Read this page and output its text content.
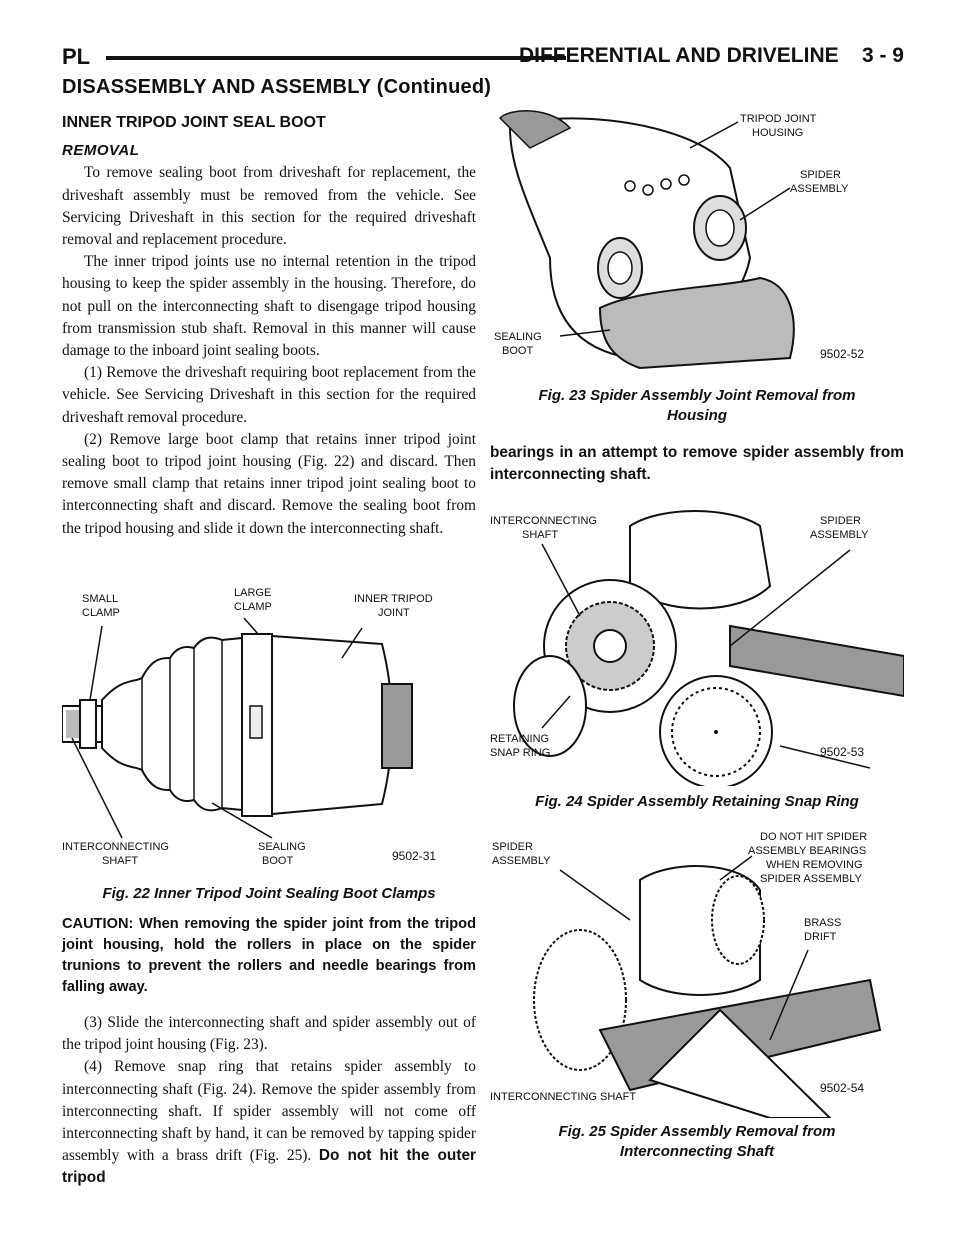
PL	DIFFERENTIAL AND DRIVELINE    3 - 9
DISASSEMBLY AND ASSEMBLY (Continued)
INNER TRIPOD JOINT SEAL BOOT
REMOVAL

To remove sealing boot from driveshaft for replacement, the driveshaft assembly must be removed from the vehicle. See Servicing Driveshaft in this section for the required driveshaft removal and replacement procedure.

The inner tripod joints use no internal retention in the tripod housing to keep the spider assembly in the housing. Therefore, do not pull on the interconnecting shaft to disengage tripod housing from transmission stub shaft. Removal in this manner will cause damage to the inboard joint sealing boots.

(1) Remove the driveshaft requiring boot replacement from the vehicle. See Servicing Driveshaft in this section for the required driveshaft removal procedure.

(2) Remove large boot clamp that retains inner tripod joint sealing boot to tripod joint housing (Fig. 22) and discard. Then remove small clamp that retains inner tripod joint sealing boot to interconnecting shaft and discard. Remove the sealing boot from the tripod housing and slide it down the interconnecting shaft.

SMALL
CLAMP
LARGE
CLAMP
INNER TRIPOD
JOINT
INTERCONNECTING
SHAFT
SEALING
BOOT	9502-31
Fig. 22 Inner Tripod Joint Sealing Boot Clamps

CAUTION: When removing the spider joint from the tripod joint housing, hold the rollers in place on the spider trunions to prevent the rollers and needle bearings from falling away.

(3) Slide the interconnecting shaft and spider assembly out of the tripod joint housing (Fig. 23).

(4) Remove snap ring that retains spider assembly to interconnecting shaft (Fig. 24). Remove the spider assembly from interconnecting shaft. If spider assembly will not come off interconnecting shaft by hand, it can be removed by tapping spider assembly with a brass drift (Fig. 25). Do not hit the outer tripod

TRIPOD JOINT
HOUSING
SPIDER
ASSEMBLY
SEALING
BOOT	9502-52
Fig. 23 Spider Assembly Joint Removal from Housing
bearings in an attempt to remove spider assembly from interconnecting shaft.
INTERCONNECTING
SHAFT
SPIDER
ASSEMBLY
RETAINING
SNAP RING	9502-53
Fig. 24 Spider Assembly Retaining Snap Ring
SPIDER
ASSEMBLY
DO NOT HIT SPIDER
ASSEMBLY BEARINGS
WHEN REMOVING
SPIDER ASSEMBLY
BRASS
DRIFT
INTERCONNECTING SHAFT
9502-54
Fig. 25 Spider Assembly Removal from Interconnecting Shaft
